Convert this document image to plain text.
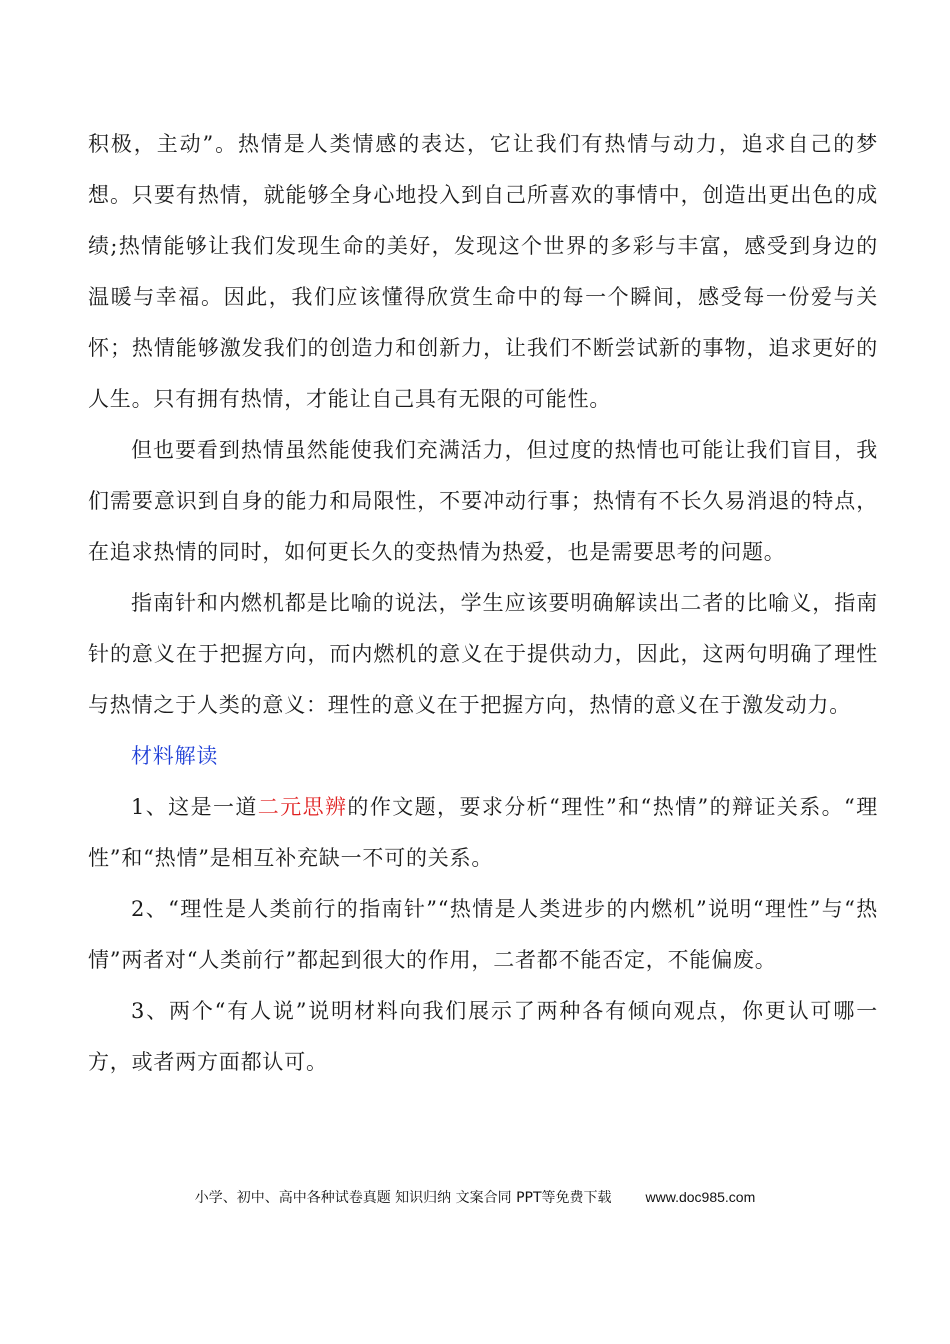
积极，主动”。热情是人类情感的表达，它让我们有热情与动力，追求自己的梦想。只要有热情，就能够全身心地投入到自己所喜欢的事情中，创造出更出色的成绩;热情能够让我们发现生命的美好，发现这个世界的多彩与丰富，感受到身边的温暖与幸福。因此，我们应该懂得欣赏生命中的每一个瞬间，感受每一份爱与关怀；热情能够激发我们的创造力和创新力，让我们不断尝试新的事物，追求更好的人生。只有拥有热情，才能让自己具有无限的可能性。

但也要看到热情虽然能使我们充满活力，但过度的热情也可能让我们盲目，我们需要意识到自身的能力和局限性，不要冲动行事；热情有不长久易消退的特点，在追求热情的同时，如何更长久的变热情为热爱，也是需要思考的问题。

指南针和内燃机都是比喻的说法，学生应该要明确解读出二者的比喻义，指南针的意义在于把握方向，而内燃机的意义在于提供动力，因此，这两句明确了理性与热情之于人类的意义：理性的意义在于把握方向，热情的意义在于激发动力。

材料解读

1、这是一道二元思辨的作文题，要求分析“理性”和“热情”的辩证关系。“理性”和“热情”是相互补充缺一不可的关系。

2、“理性是人类前行的指南针”“热情是人类进步的内燃机”说明“理性”与“热情”两者对“人类前行”都起到很大的作用，二者都不能否定，不能偏废。

3、两个“有人说”说明材料向我们展示了两种各有倾向观点，你更认可哪一方，或者两方面都认可。

小学、初中、高中各种试卷真题 知识归纳 文案合同 PPT等免费下载 www.doc985.com
